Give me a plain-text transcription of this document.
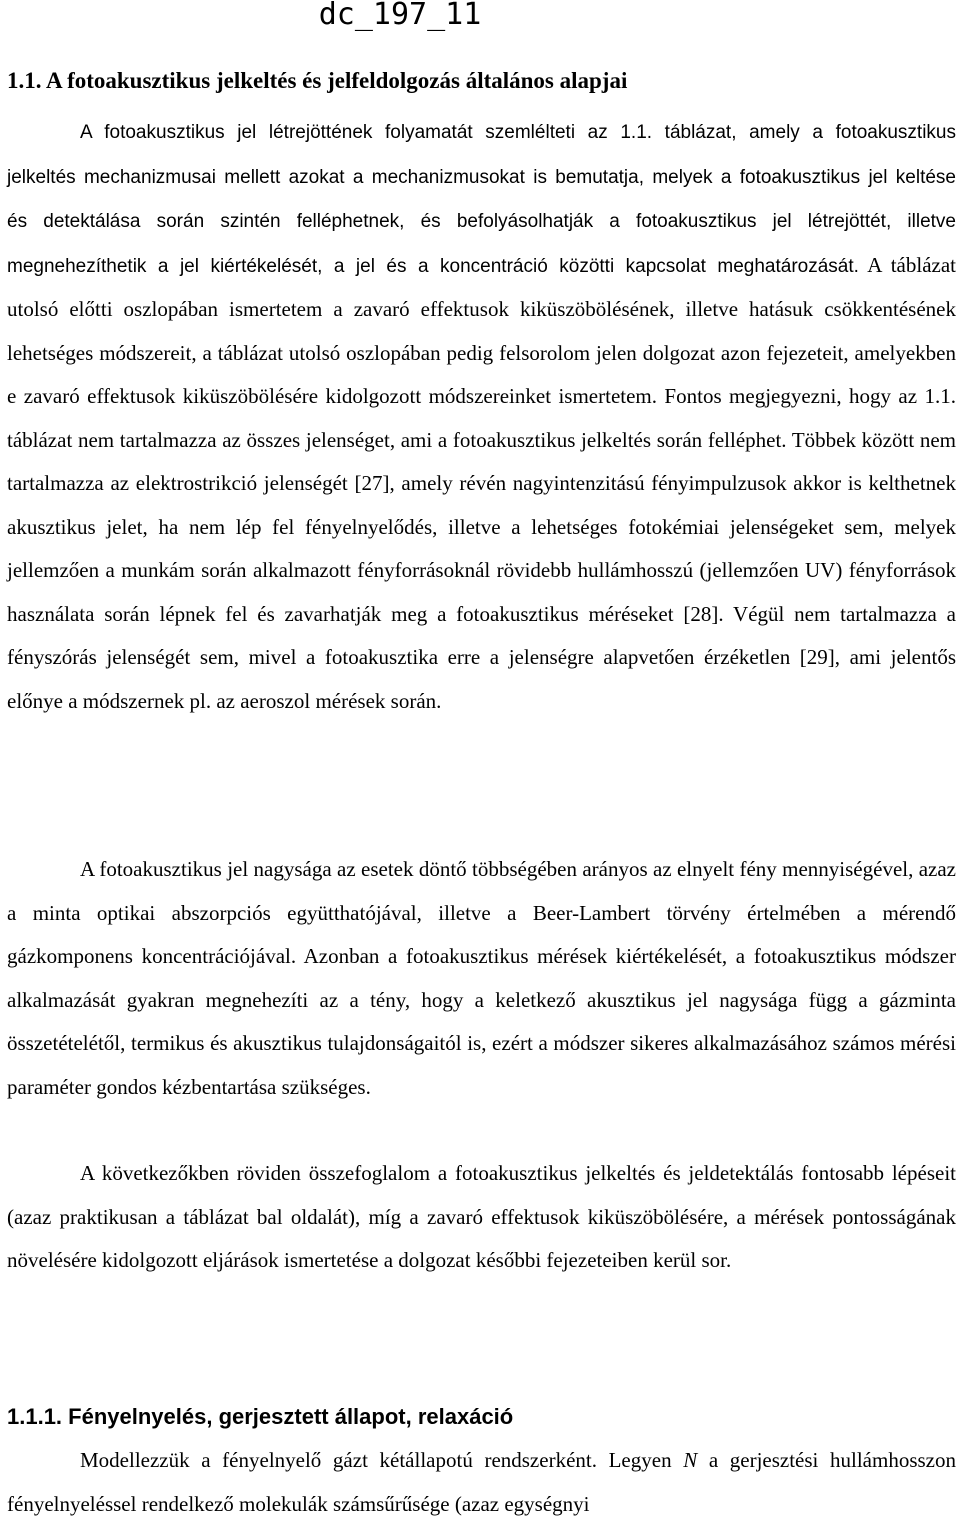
dc_197_11
1.1. A fotoakusztikus jelkeltés és jelfeldolgozás általános alapjai

A fotoakusztikus jel létrejöttének folyamatát szemlélteti az 1.1. táblázat, amely a fotoakusztikus jelkeltés mechanizmusai mellett azokat a mechanizmusokat is bemutatja, melyek a fotoakusztikus jel keltése és detektálása során szintén felléphetnek, és befolyásolhatják a fotoakusztikus jel létrejöttét, illetve megnehezíthetik a jel kiértékelését, a jel és a koncentráció közötti kapcsolat meghatározását. A táblázat utolsó előtti oszlopában ismertetem a zavaró effektusok kiküszöbölésének, illetve hatásuk csökkentésének lehetséges módszereit, a táblázat utolsó oszlopában pedig felsorolom jelen dolgozat azon fejezeteit, amelyekben e zavaró effektusok kiküszöbölésére kidolgozott módszereinket ismertetem. Fontos megjegyezni, hogy az 1.1. táblázat nem tartalmazza az összes jelenséget, ami a fotoakusztikus jelkeltés során felléphet. Többek között nem tartalmazza az elektrostrikció jelenségét [27], amely révén nagyintenzitású fényimpulzusok akkor is kelthetnek akusztikus jelet, ha nem lép fel fényelnyelődés, illetve a lehetséges fotokémiai jelenségeket sem, melyek jellemzően a munkám során alkalmazott fényforrásoknál rövidebb hullámhosszú (jellemzően UV) fényforrások használata során lépnek fel és zavarhatják meg a fotoakusztikus méréseket [28]. Végül nem tartalmazza a fényszórás jelenségét sem, mivel a fotoakusztika erre a jelenségre alapvetően érzéketlen [29], ami jelentős előnye a módszernek pl. az aeroszol mérések során.

A fotoakusztikus jel nagysága az esetek döntő többségében arányos az elnyelt fény mennyiségével, azaz a minta optikai abszorpciós együtthatójával, illetve a Beer-Lambert törvény értelmében a mérendő gázkomponens koncentrációjával. Azonban a fotoakusztikus mérések kiértékelését, a fotoakusztikus módszer alkalmazását gyakran megnehezíti az a tény, hogy a keletkező akusztikus jel nagysága függ a gázminta összetételétől, termikus és akusztikus tulajdonságaitól is, ezért a módszer sikeres alkalmazásához számos mérési paraméter gondos kézbentartása szükséges.

A következőkben röviden összefoglalom a fotoakusztikus jelkeltés és jeldetektálás fontosabb lépéseit (azaz praktikusan a táblázat bal oldalát), míg a zavaró effektusok kiküszöbölésére, a mérések pontosságának növelésére kidolgozott eljárások ismertetése a dolgozat későbbi fejezeteiben kerül sor.

1.1.1. Fényelnyelés, gerjesztett állapot, relaxáció

Modellezzük a fényelnyelő gázt kétállapotú rendszerként. Legyen N a gerjesztési hullámhosszon fényelnyeléssel rendelkező molekulák számsűrűsége (azaz egységnyi
